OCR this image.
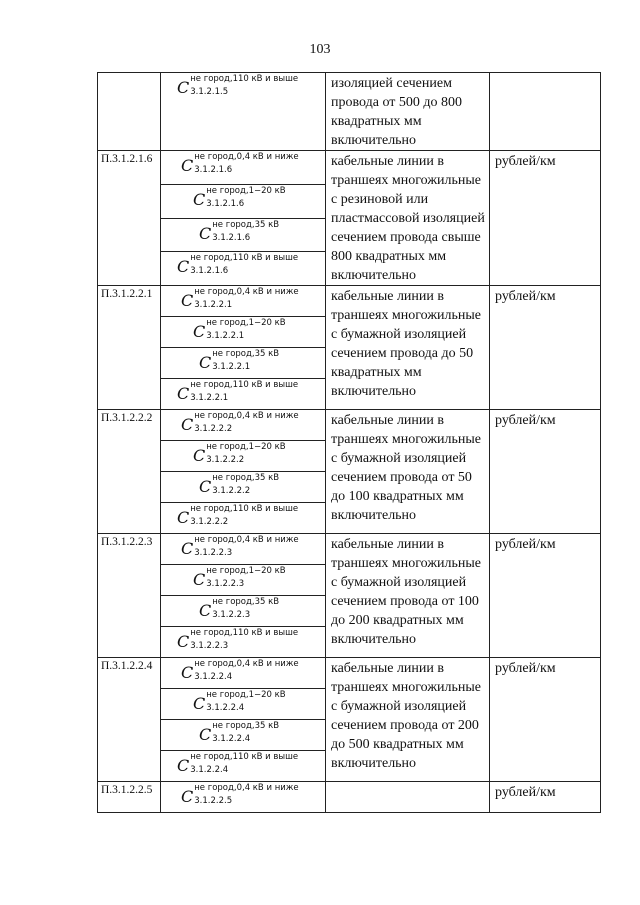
103

	C не город,110 кВ и выше
3.1.2.1.5	изоляцией сечением провода от 500 до 800 квадратных мм включительно	
П.3.1.2.1.6	C не город,0,4 кВ и ниже
3.1.2.1.6	кабельные линии в траншеях многожильные с резиновой или пластмассовой изоляцией сечением провода свыше 800 квадратных мм включительно	рублей/км

	C не город,1−20 кВ
3.1.2.1.6		

	C не город,35 кВ
3.1.2.1.6		

	C не город,110 кВ и выше
3.1.2.1.6		

П.3.1.2.2.1	C не город,0,4 кВ и ниже
3.1.2.2.1	кабельные линии в траншеях многожильные с бумажной изоляцией сечением провода до 50 квадратных мм включительно	рублей/км

	C не город,1−20 кВ
3.1.2.2.1		

	C не город,35 кВ
3.1.2.2.1		

	C не город,110 кВ и выше
3.1.2.2.1		

П.3.1.2.2.2	C не город,0,4 кВ и ниже
3.1.2.2.2	кабельные линии в траншеях многожильные с бумажной изоляцией сечением провода от 50 до 100 квадратных мм включительно	рублей/км

	C не город,1−20 кВ
3.1.2.2.2		

	C не город,35 кВ
3.1.2.2.2		

	C не город,110 кВ и выше
3.1.2.2.2		

П.3.1.2.2.3	C не город,0,4 кВ и ниже
3.1.2.2.3	кабельные линии в траншеях многожильные с бумажной изоляцией сечением провода от 100 до 200 квадратных мм включительно	рублей/км

	C не город,1−20 кВ
3.1.2.2.3		

	C не город,35 кВ
3.1.2.2.3		

	C не город,110 кВ и выше
3.1.2.2.3		

П.3.1.2.2.4	C не город,0,4 кВ и ниже
3.1.2.2.4	кабельные линии в траншеях многожильные с бумажной изоляцией сечением провода от 200 до 500 квадратных мм включительно	рублей/км

	C не город,1−20 кВ
3.1.2.2.4		

	C не город,35 кВ
3.1.2.2.4		

	C не город,110 кВ и выше
3.1.2.2.4		

П.3.1.2.2.5	C не город,0,4 кВ и ниже
3.1.2.2.5		рублей/км
